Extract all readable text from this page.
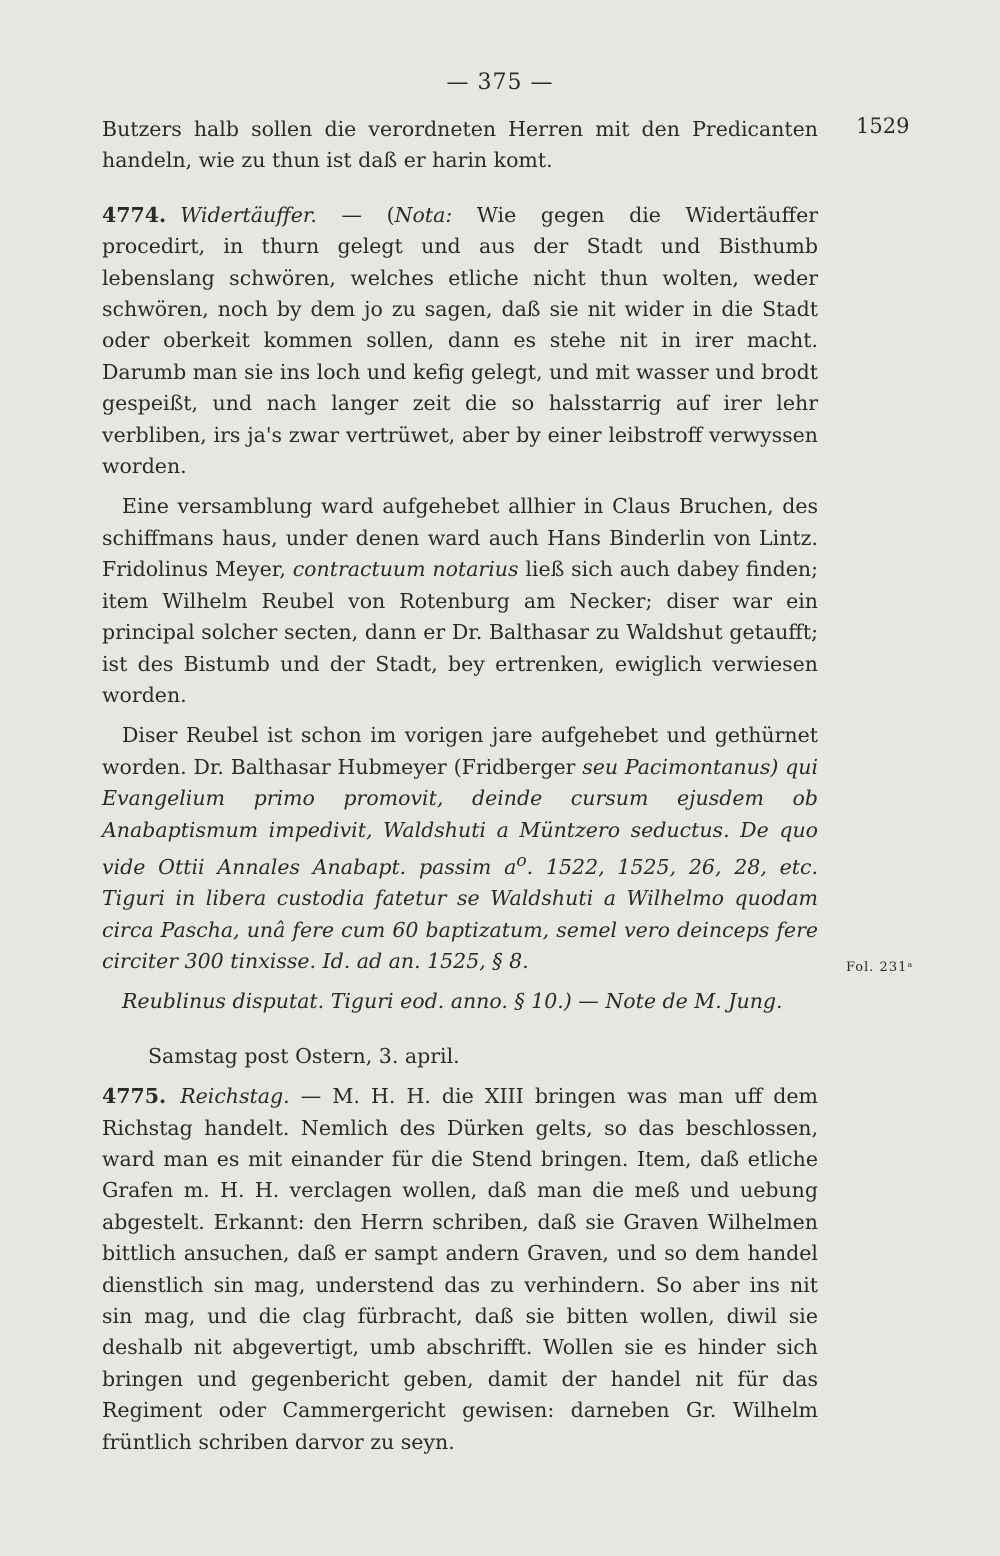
— 375 —
1529
Fol. 231ᵃ

Butzers halb sollen die verordneten Herren mit den Predicanten handeln, wie zu thun ist daß er harin komt.

4774. Widertäuffer. — (Nota: Wie gegen die Widertäuffer procedirt, in thurn gelegt und aus der Stadt und Bisthumb lebenslang schwören, welches etliche nicht thun wolten, weder schwören, noch by dem jo zu sagen, daß sie nit wider in die Stadt oder oberkeit kommen sollen, dann es stehe nit in irer macht. Darumb man sie ins loch und kefig gelegt, und mit wasser und brodt gespeißt, und nach langer zeit die so halsstarrig auf irer lehr verbliben, irs ja's zwar vertrüwet, aber by einer leibstroff verwyssen worden.

Eine versamblung ward aufgehebet allhier in Claus Bruchen, des schiffmans haus, under denen ward auch Hans Binderlin von Lintz. Fridolinus Meyer, contractuum notarius ließ sich auch dabey finden; item Wilhelm Reubel von Rotenburg am Necker; diser war ein principal solcher secten, dann er Dr. Balthasar zu Waldshut getaufft; ist des Bistumb und der Stadt, bey ertrenken, ewiglich verwiesen worden.

Diser Reubel ist schon im vorigen jare aufgehebet und gethürnet worden. Dr. Balthasar Hubmeyer (Fridberger seu Pacimontanus) qui Evangelium primo promovit, deinde cursum ejusdem ob Anabaptismum impedivit, Waldshuti a Müntzero seductus. De quo vide Ottii Annales Anabapt. passim $a^o$. 1522, 1525, 26, 28, etc. Tiguri in libera custodia fatetur se Waldshuti a Wilhelmo quodam circa Pascha, unâ fere cum 60 baptizatum, semel vero deinceps fere circiter 300 tinxisse. Id. ad an. 1525, § 8.

Reublinus disputat. Tiguri eod. anno. § 10.) — Note de M. Jung.

Samstag post Ostern, 3. april.

4775. Reichstag. — M. H. H. die XIII bringen was man uff dem Richstag handelt. Nemlich des Dürken gelts, so das beschlossen, ward man es mit einander für die Stend bringen. Item, daß etliche Grafen m. H. H. verclagen wollen, daß man die meß und uebung abgestelt. Erkannt: den Herrn schriben, daß sie Graven Wilhelmen bittlich ansuchen, daß er sampt andern Graven, und so dem handel dienstlich sin mag, understend das zu verhindern. So aber ins nit sin mag, und die clag fürbracht, daß sie bitten wollen, diwil sie deshalb nit abgevertigt, umb abschrifft. Wollen sie es hinder sich bringen und gegenbericht geben, damit der handel nit für das Regiment oder Cammergericht gewisen: darneben Gr. Wilhelm früntlich schriben darvor zu seyn.
